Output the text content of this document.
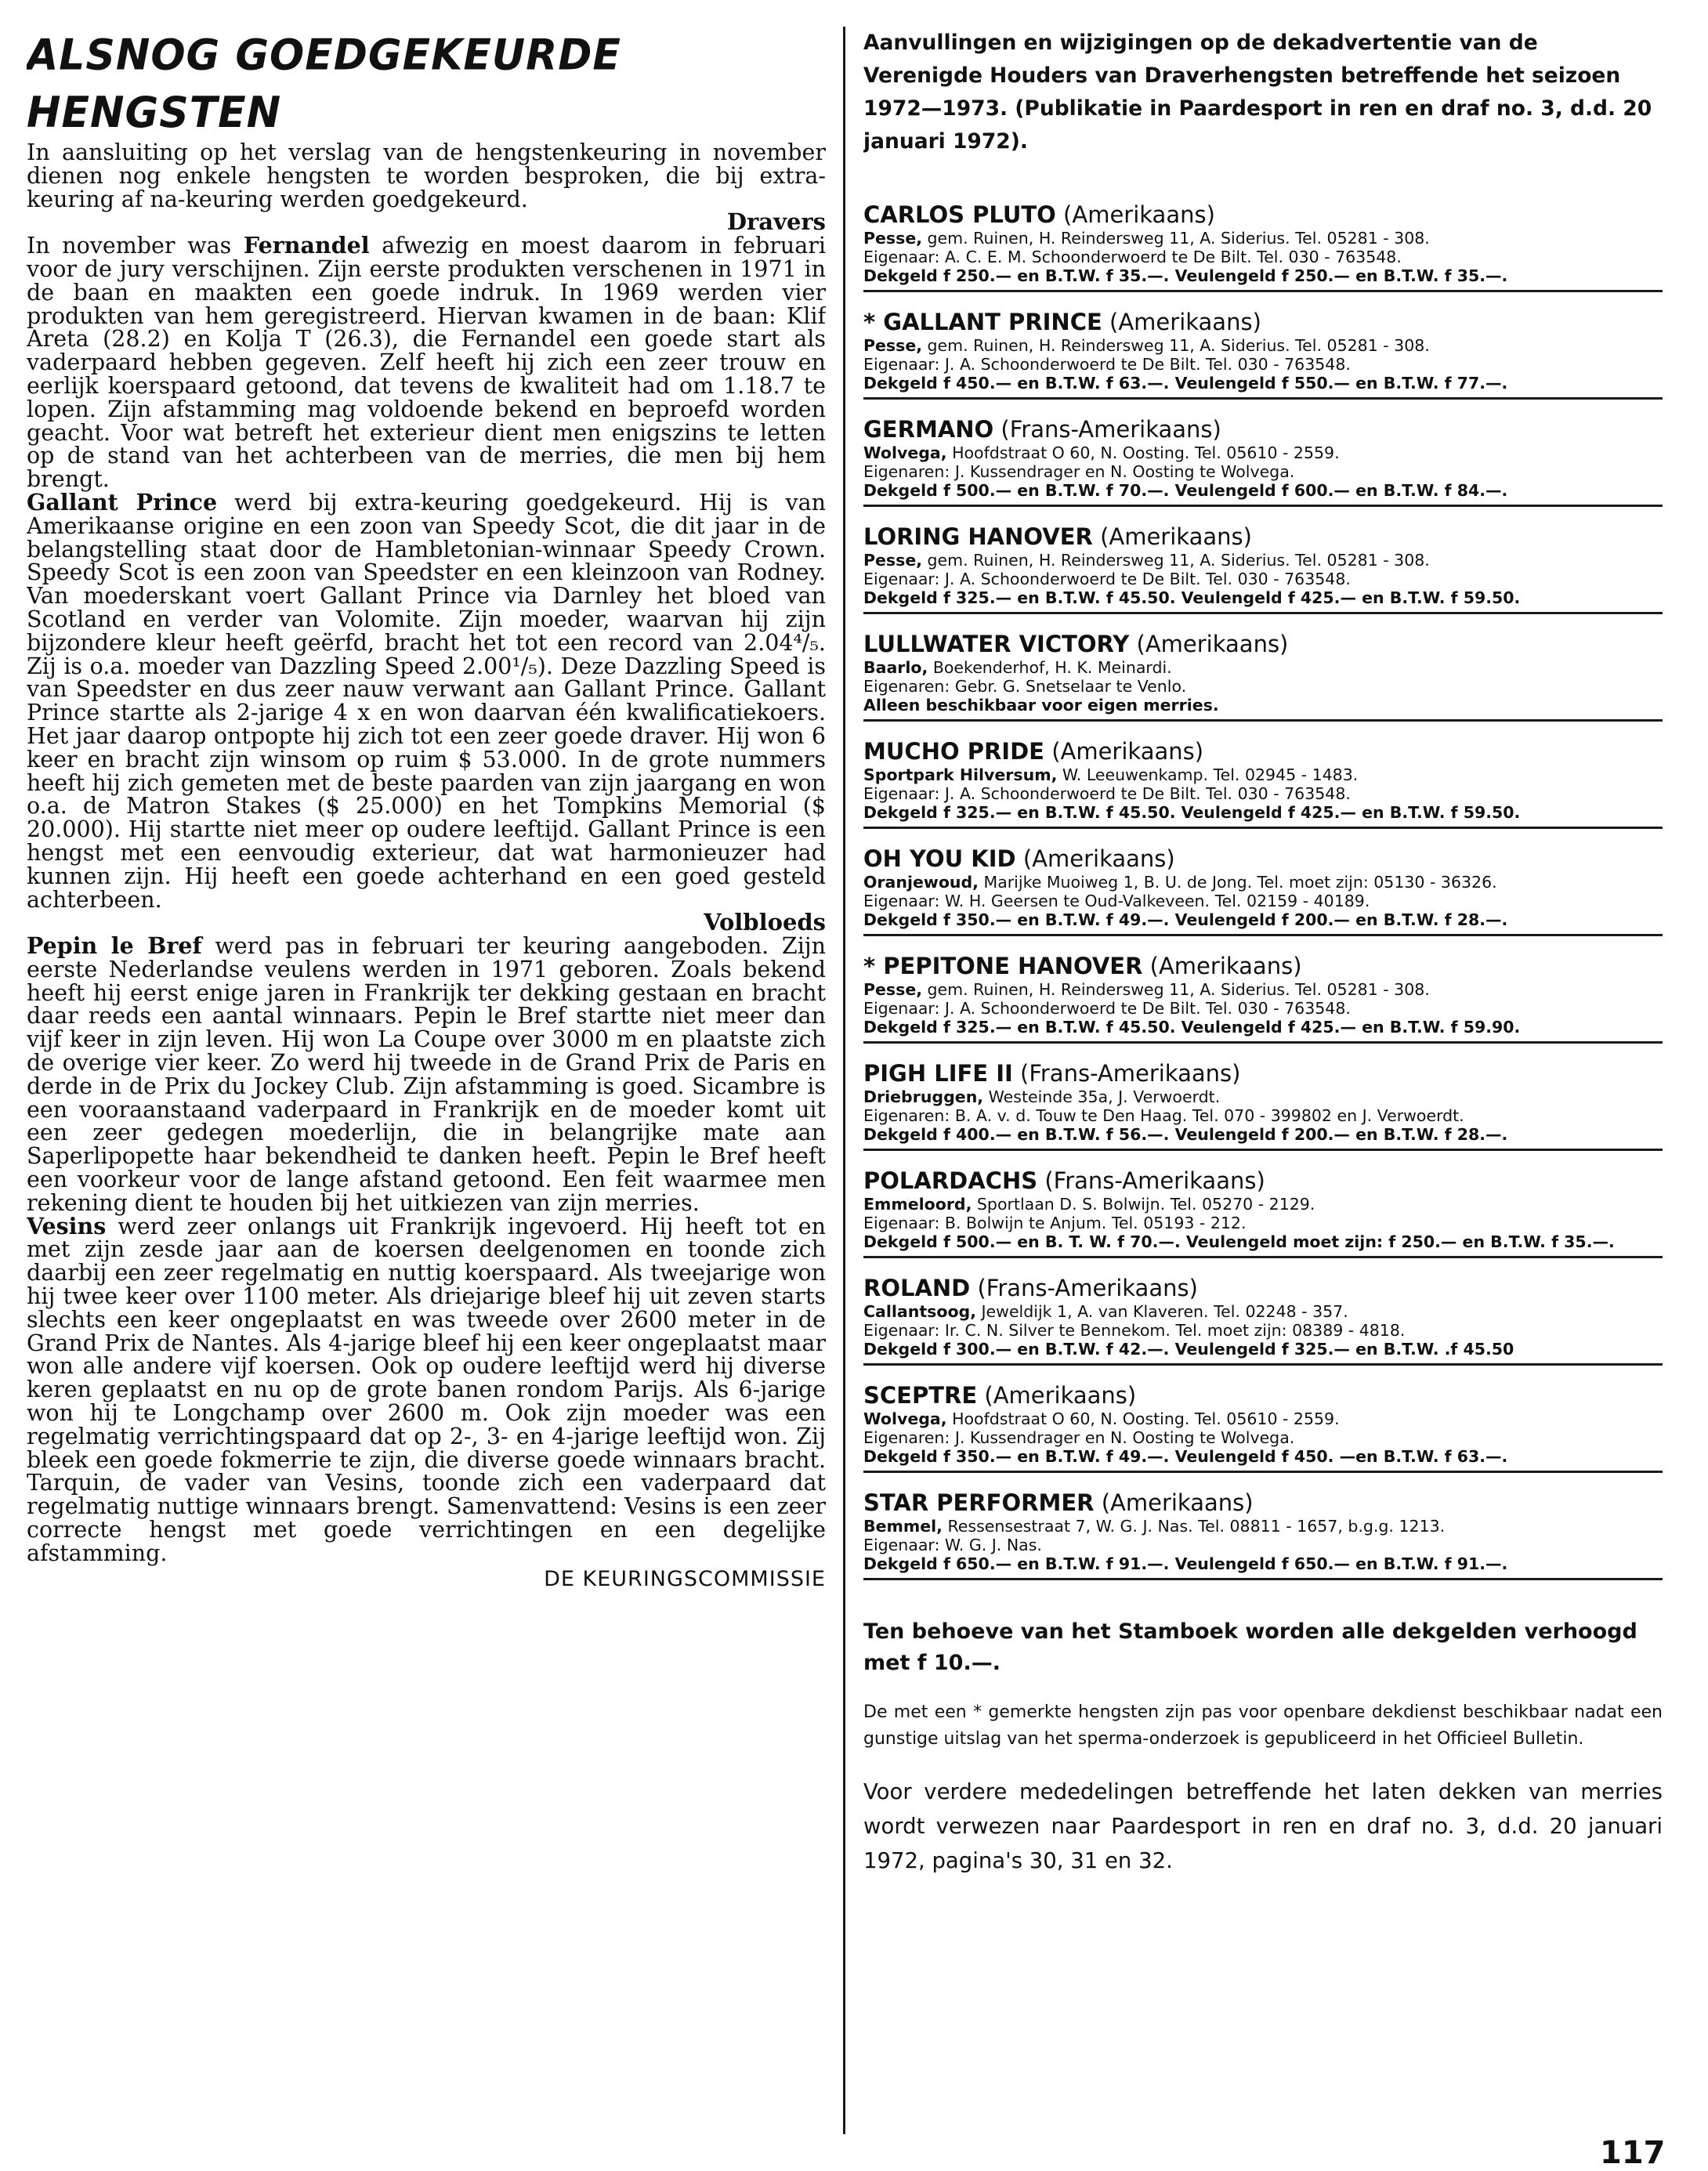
ALSNOG GOEDGEKEURDE HENGSTEN

In aansluiting op het verslag van de hengstenkeuring in november dienen nog enkele hengsten te worden besproken, die bij extra-keuring af na-keuring werden goedgekeurd.

Dravers

In november was Fernandel afwezig en moest daarom in februari voor de jury verschijnen. Zijn eerste produkten verschenen in 1971 in de baan en maakten een goede indruk. In 1969 werden vier produkten van hem geregistreerd. Hiervan kwamen in de baan: Klif Areta (28.2) en Kolja T (26.3), die Fernandel een goede start als vaderpaard hebben gegeven. Zelf heeft hij zich een zeer trouw en eerlijk koerspaard getoond, dat tevens de kwaliteit had om 1.18.7 te lopen. Zijn afstamming mag voldoende bekend en beproefd worden geacht. Voor wat betreft het exterieur dient men enigszins te letten op de stand van het achterbeen van de merries, die men bij hem brengt.

Gallant Prince werd bij extra-keuring goedgekeurd. Hij is van Amerikaanse origine en een zoon van Speedy Scot, die dit jaar in de belangstelling staat door de Hambletonian-winnaar Speedy Crown. Speedy Scot is een zoon van Speedster en een kleinzoon van Rodney. Van moederskant voert Gallant Prince via Darnley het bloed van Scotland en verder van Volomite. Zijn moeder, waarvan hij zijn bijzondere kleur heeft geërfd, bracht het tot een record van 2.04⁴/₅. Zij is o.a. moeder van Dazzling Speed 2.00¹/₅). Deze Dazzling Speed is van Speedster en dus zeer nauw verwant aan Gallant Prince. Gallant Prince startte als 2-jarige 4 x en won daarvan één kwalificatiekoers. Het jaar daarop ontpopte hij zich tot een zeer goede draver. Hij won 6 keer en bracht zijn winsom op ruim $ 53.000. In de grote nummers heeft hij zich gemeten met de beste paarden van zijn jaargang en won o.a. de Matron Stakes ($ 25.000) en het Tompkins Memorial ($ 20.000). Hij startte niet meer op oudere leeftijd. Gallant Prince is een hengst met een eenvoudig exterieur, dat wat harmonieuzer had kunnen zijn. Hij heeft een goede achterhand en een goed gesteld achterbeen.

Volbloeds

Pepin le Bref werd pas in februari ter keuring aangeboden. Zijn eerste Nederlandse veulens werden in 1971 geboren. Zoals bekend heeft hij eerst enige jaren in Frankrijk ter dekking gestaan en bracht daar reeds een aantal winnaars. Pepin le Bref startte niet meer dan vijf keer in zijn leven. Hij won La Coupe over 3000 m en plaatste zich de overige vier keer. Zo werd hij tweede in de Grand Prix de Paris en derde in de Prix du Jockey Club. Zijn afstamming is goed. Sicambre is een vooraanstaand vaderpaard in Frankrijk en de moeder komt uit een zeer gedegen moederlijn, die in belangrijke mate aan Saperlipopette haar bekendheid te danken heeft. Pepin le Bref heeft een voorkeur voor de lange afstand getoond. Een feit waarmee men rekening dient te houden bij het uitkiezen van zijn merries.

Vesins werd zeer onlangs uit Frankrijk ingevoerd. Hij heeft tot en met zijn zesde jaar aan de koersen deelgenomen en toonde zich daarbij een zeer regelmatig en nuttig koerspaard. Als tweejarige won hij twee keer over 1100 meter. Als driejarige bleef hij uit zeven starts slechts een keer ongeplaatst en was tweede over 2600 meter in de Grand Prix de Nantes. Als 4-jarige bleef hij een keer ongeplaatst maar won alle andere vijf koersen. Ook op oudere leeftijd werd hij diverse keren geplaatst en nu op de grote banen rondom Parijs. Als 6-jarige won hij te Longchamp over 2600 m. Ook zijn moeder was een regelmatig verrichtingspaard dat op 2-, 3- en 4-jarige leeftijd won. Zij bleek een goede fokmerrie te zijn, die diverse goede winnaars bracht. Tarquin, de vader van Vesins, toonde zich een vaderpaard dat regelmatig nuttige winnaars brengt. Samenvattend: Vesins is een zeer correcte hengst met goede verrichtingen en een degelijke afstamming.

DE KEURINGSCOMMISSIE

Aanvullingen en wijzigingen op de dekadvertentie van de Verenigde Houders van Draverhengsten betreffende het seizoen 1972—1973. (Publikatie in Paardesport in ren en draf no. 3, d.d. 20 januari 1972).

CARLOS PLUTO (Amerikaans)

Pesse, gem. Ruinen, H. Reindersweg 11, A. Siderius. Tel. 05281 - 308.

Eigenaar: A. C. E. M. Schoonderwoerd te De Bilt. Tel. 030 - 763548.

Dekgeld f 250.— en B.T.W. f 35.—. Veulengeld f 250.— en B.T.W. f 35.—.

* GALLANT PRINCE (Amerikaans)

Pesse, gem. Ruinen, H. Reindersweg 11, A. Siderius. Tel. 05281 - 308.

Eigenaar: J. A. Schoonderwoerd te De Bilt. Tel. 030 - 763548.

Dekgeld f 450.— en B.T.W. f 63.—. Veulengeld f 550.— en B.T.W. f 77.—.

GERMANO (Frans-Amerikaans)

Wolvega, Hoofdstraat O 60, N. Oosting. Tel. 05610 - 2559.

Eigenaren: J. Kussendrager en N. Oosting te Wolvega.

Dekgeld f 500.— en B.T.W. f 70.—. Veulengeld f 600.— en B.T.W. f 84.—.

LORING HANOVER (Amerikaans)

Pesse, gem. Ruinen, H. Reindersweg 11, A. Siderius. Tel. 05281 - 308.

Eigenaar: J. A. Schoonderwoerd te De Bilt. Tel. 030 - 763548.

Dekgeld f 325.— en B.T.W. f 45.50. Veulengeld f 425.— en B.T.W. f 59.50.

LULLWATER VICTORY (Amerikaans)

Baarlo, Boekenderhof, H. K. Meinardi.

Eigenaren: Gebr. G. Snetselaar te Venlo.

Alleen beschikbaar voor eigen merries.

MUCHO PRIDE (Amerikaans)

Sportpark Hilversum, W. Leeuwenkamp. Tel. 02945 - 1483.

Eigenaar: J. A. Schoonderwoerd te De Bilt. Tel. 030 - 763548.

Dekgeld f 325.— en B.T.W. f 45.50. Veulengeld f 425.— en B.T.W. f 59.50.

OH YOU KID (Amerikaans)

Oranjewoud, Marijke Muoiweg 1, B. U. de Jong. Tel. moet zijn: 05130 - 36326.

Eigenaar: W. H. Geersen te Oud-Valkeveen. Tel. 02159 - 40189.

Dekgeld f 350.— en B.T.W. f 49.—. Veulengeld f 200.— en B.T.W. f 28.—.

* PEPITONE HANOVER (Amerikaans)

Pesse, gem. Ruinen, H. Reindersweg 11, A. Siderius. Tel. 05281 - 308.

Eigenaar: J. A. Schoonderwoerd te De Bilt. Tel. 030 - 763548.

Dekgeld f 325.— en B.T.W. f 45.50. Veulengeld f 425.— en B.T.W. f 59.90.

PIGH LIFE II (Frans-Amerikaans)

Driebruggen, Westeinde 35a, J. Verwoerdt.

Eigenaren: B. A. v. d. Touw te Den Haag. Tel. 070 - 399802 en J. Verwoerdt.

Dekgeld f 400.— en B.T.W. f 56.—. Veulengeld f 200.— en B.T.W. f 28.—.

POLARDACHS (Frans-Amerikaans)

Emmeloord, Sportlaan D. S. Bolwijn. Tel. 05270 - 2129.

Eigenaar: B. Bolwijn te Anjum. Tel. 05193 - 212.

Dekgeld f 500.— en B. T. W. f 70.—. Veulengeld moet zijn: f 250.— en B.T.W. f 35.—.

ROLAND (Frans-Amerikaans)

Callantsoog, Jeweldijk 1, A. van Klaveren. Tel. 02248 - 357.

Eigenaar: Ir. C. N. Silver te Bennekom. Tel. moet zijn: 08389 - 4818.

Dekgeld f 300.— en B.T.W. f 42.—. Veulengeld f 325.— en B.T.W. .f 45.50

SCEPTRE (Amerikaans)

Wolvega, Hoofdstraat O 60, N. Oosting. Tel. 05610 - 2559.

Eigenaren: J. Kussendrager en N. Oosting te Wolvega.

Dekgeld f 350.— en B.T.W. f 49.—. Veulengeld f 450. —en B.T.W. f 63.—.

STAR PERFORMER (Amerikaans)

Bemmel, Ressensestraat 7, W. G. J. Nas. Tel. 08811 - 1657, b.g.g. 1213.

Eigenaar: W. G. J. Nas.

Dekgeld f 650.— en B.T.W. f 91.—. Veulengeld f 650.— en B.T.W. f 91.—.

Ten behoeve van het Stamboek worden alle dekgelden verhoogd met f 10.—.

De met een * gemerkte hengsten zijn pas voor openbare dekdienst beschikbaar nadat een gunstige uitslag van het sperma-onderzoek is gepubliceerd in het Officieel Bulletin.

Voor verdere mededelingen betreffende het laten dekken van merries wordt verwezen naar Paardesport in ren en draf no. 3, d.d. 20 januari 1972, pagina's 30, 31 en 32.

117
